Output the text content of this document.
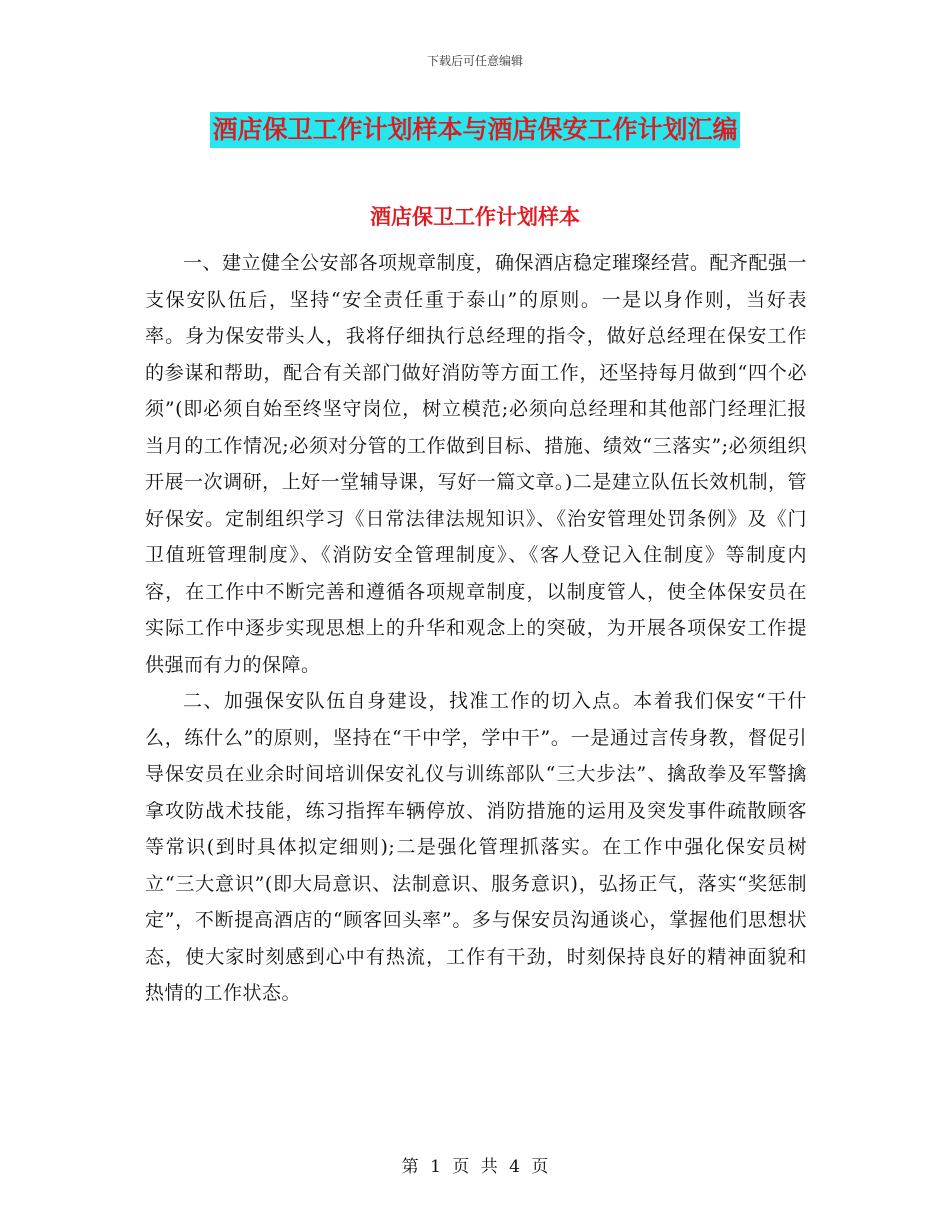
下载后可任意编辑
酒店保卫工作计划样本与酒店保安工作计划汇编
酒店保卫工作计划样本

一、建立健全公安部各项规章制度，确保酒店稳定璀璨经营。配齐配强一支保安队伍后，坚持“安全责任重于泰山”的原则。一是以身作则，当好表率。身为保安带头人，我将仔细执行总经理的指令，做好总经理在保安工作的参谋和帮助，配合有关部门做好消防等方面工作，还坚持每月做到“四个必须”(即必须自始至终坚守岗位，树立模范;必须向总经理和其他部门经理汇报当月的工作情况;必须对分管的工作做到目标、措施、绩效“三落实”;必须组织开展一次调研，上好一堂辅导课，写好一篇文章。)二是建立队伍长效机制，管好保安。定制组织学习《日常法律法规知识》、《治安管理处罚条例》及《门卫值班管理制度》、《消防安全管理制度》、《客人登记入住制度》等制度内容，在工作中不断完善和遵循各项规章制度，以制度管人，使全体保安员在实际工作中逐步实现思想上的升华和观念上的突破，为开展各项保安工作提供强而有力的保障。

二、加强保安队伍自身建设，找准工作的切入点。本着我们保安“干什么，练什么”的原则，坚持在“干中学，学中干”。一是通过言传身教，督促引导保安员在业余时间培训保安礼仪与训练部队“三大步法”、擒敌拳及军警擒拿攻防战术技能，练习指挥车辆停放、消防措施的运用及突发事件疏散顾客等常识(到时具体拟定细则);二是强化管理抓落实。在工作中强化保安员树立“三大意识”(即大局意识、法制意识、服务意识)，弘扬正气，落实“奖惩制定”，不断提高酒店的“顾客回头率”。多与保安员沟通谈心，掌握他们思想状态，使大家时刻感到心中有热流，工作有干劲，时刻保持良好的精神面貌和热情的工作状态。

第 1 页 共 4 页
